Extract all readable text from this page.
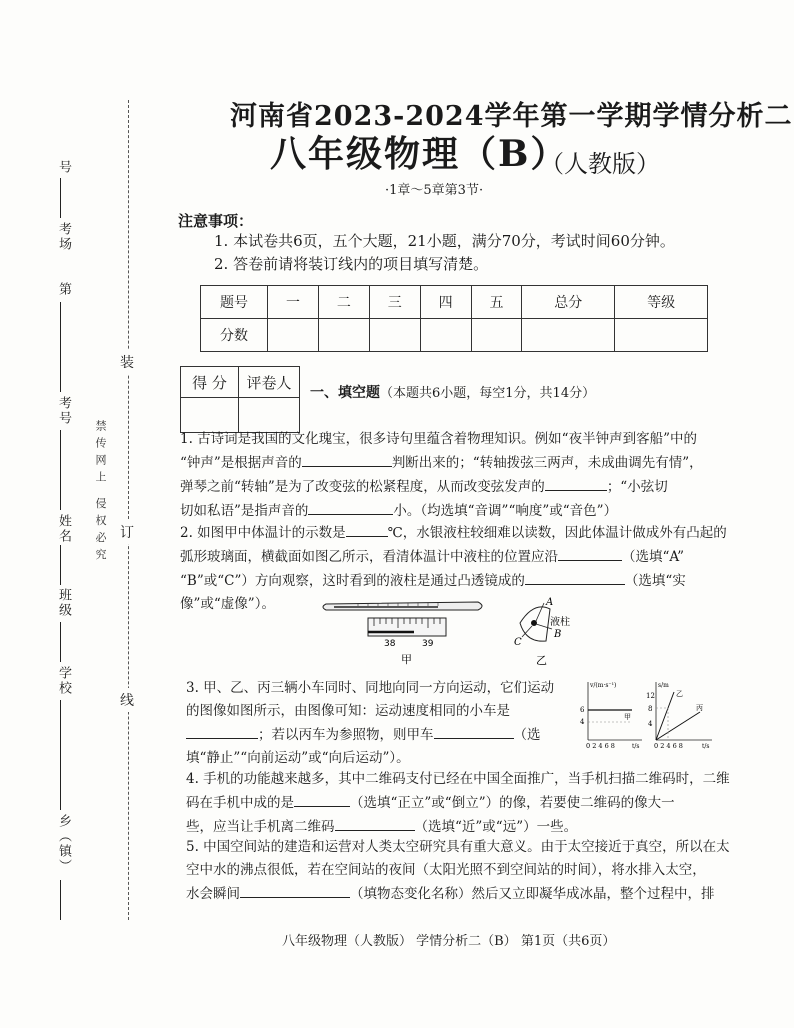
号
考场
第
考号
姓名
班级
学校
乡（镇）
禁传网上 侵权必究
装
订
线
河南省2023-2024学年第一学期学情分析二
八年级物理（B）
（人教版）
·1章～5章第3节·
注意事项：
1. 本试卷共6页，五个大题，21小题，满分70分，考试时间60分钟。
2. 答卷前请将装订线内的项目填写清楚。
题号	一	二	三	四	五	总分	等级
分数							
得 分	评卷人

一、填空题（本题共6小题，每空1分，共14分）
1. 古诗词是我国的文化瑰宝，很多诗句里蕴含着物理知识。例如“夜半钟声到客船”中的
“钟声”是根据声音的	判断出来的；“转轴拨弦三两声，未成曲调先有情”，
弹琴之前“转轴”是为了改变弦的松紧程度，从而改变弦发声的	；“小弦切
切如私语”是指声音的	小。（均选填“音调”“响度”或“音色”）
2. 如图甲中体温计的示数是	℃，水银液柱较细难以读数，因此体温计做成外有凸起的
弧形玻璃面，横截面如图乙所示，看清体温计中液柱的位置应沿	（选填“A”
“B”或“C”）方向观察，这时看到的液柱是通过凸透镜成的	（选填“实
像”或“虚像”）。
38	39
甲
A
B
C
液柱
乙
3. 甲、乙、丙三辆小车同时、同地向同一方向运动，它们运动
的图像如图所示，由图像可知：运动速度相同的小车是
；若以丙车为参照物，则甲车	（选
填“静止”“向前运动”或“向后运动”）。
v/(m·s⁻¹)
6
4
甲
0 2 4 6 8	t/s
s/m
12
8
4
乙
丙
0 2 4 6 8	t/s
4. 手机的功能越来越多，其中二维码支付已经在中国全面推广，当手机扫描二维码时，二维
码在手机中成的是	（选填“正立”或“倒立”）的像，若要使二维码的像大一
些，应当让手机离二维码	（选填“近”或“远”）一些。
5. 中国空间站的建造和运营对人类太空研究具有重大意义。由于太空接近于真空，所以在太
空中水的沸点很低，若在空间站的夜间（太阳光照不到空间站的时间），将水排入太空，
水会瞬间	（填物态变化名称）然后又立即凝华成冰晶，整个过程中，排
八年级物理（人教版） 学情分析二（B） 第1页（共6页）
